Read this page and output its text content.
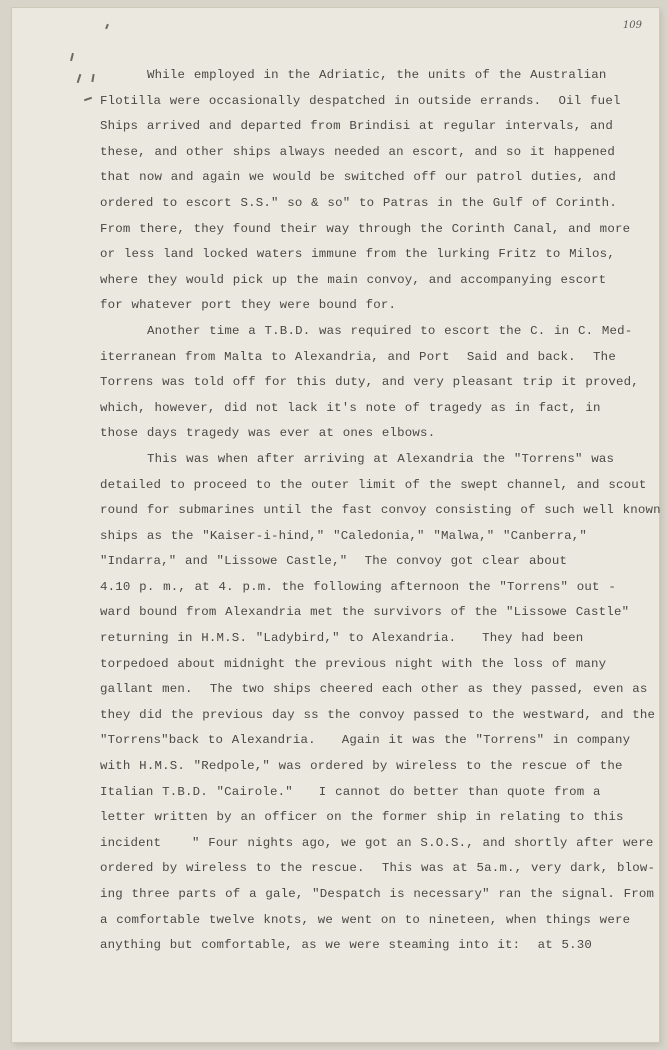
109
While employed in the Adriatic, the units of the Australian
Flotilla were occasionally despatched in outside errands.  Oil fuel
Ships arrived and departed from Brindisi at regular intervals, and
these, and other ships always needed an escort, and so it happened
that now and again we would be switched off our patrol duties, and
ordered to escort S.S." so & so" to Patras in the Gulf of Corinth.
From there, they found their way through the Corinth Canal, and more
or less land locked waters immune from the lurking Fritz to Milos,
where they would pick up the main convoy, and accompanying escort
for whatever port they were bound for.
Another time a T.B.D. was required to escort the C. in C. Med-
iterranean from Malta to Alexandria, and Port  Said and back.  The
Torrens was told off for this duty, and very pleasant trip it proved,
which, however, did not lack it's note of tragedy as in fact, in
those days tragedy was ever at ones elbows.
This was when after arriving at Alexandria the "Torrens" was
detailed to proceed to the outer limit of the swept channel, and scout
round for submarines until the fast convoy consisting of such well known
ships as the "Kaiser-i-hind," "Caledonia," "Malwa," "Canberra,"
"Indarra," and "Lissowe Castle,"  The convoy got clear about
4.10 p. m., at 4. p.m. the following afternoon the "Torrens" out -
ward bound from Alexandria met the survivors of the "Lissowe Castle"
returning in H.M.S. "Ladybird," to Alexandria.   They had been
torpedoed about midnight the previous night with the loss of many
gallant men.  The two ships cheered each other as they passed, even as
they did the previous day ss the convoy passed to the westward, and the
"Torrens"back to Alexandria.   Again it was the "Torrens" in company
with H.M.S. "Redpole," was ordered by wireless to the rescue of the
Italian T.B.D. "Cairole."   I cannot do better than quote from a
letter written by an officer on the former ship in relating to this
incident	" Four nights ago, we got an S.O.S., and shortly after were
ordered by wireless to the rescue.  This was at 5a.m., very dark, blow-
ing three parts of a gale, "Despatch is necessary" ran the signal. From
a comfortable twelve knots, we went on to nineteen, when things were
anything but comfortable, as we were steaming into it:  at 5.30
